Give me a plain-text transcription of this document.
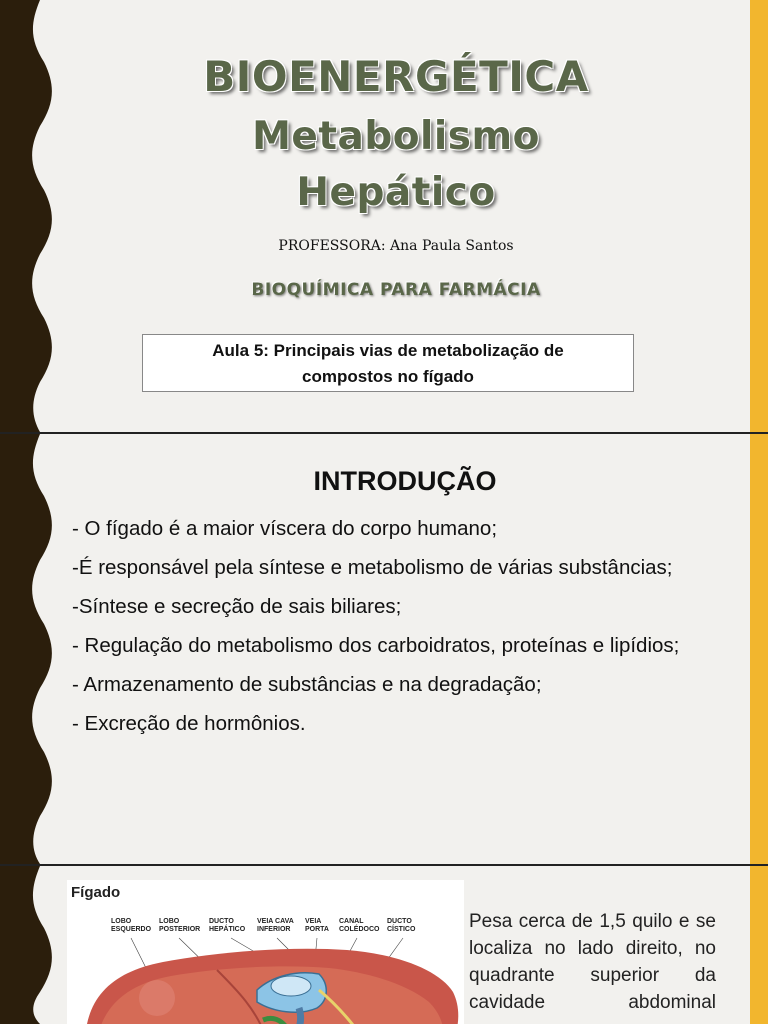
BIOENERGÉTICA
Metabolismo
Hepático
PROFESSORA: Ana Paula Santos
BIOQUÍMICA PARA FARMÁCIA
Aula 5: Principais vias de metabolização de
compostos no fígado
INTRODUÇÃO
- O fígado é a maior víscera do corpo humano;
-É responsável pela síntese e metabolismo de várias substâncias;
-Síntese e secreção de sais biliares;
- Regulação do metabolismo dos carboidratos, proteínas e lipídios;
- Armazenamento de substâncias e na degradação;
- Excreção de hormônios.
Fígado
LOBO ESQUERDO
LOBO POSTERIOR
DUCTO HEPÁTICO
VEIA CAVA INFERIOR
VEIA PORTA
CANAL COLÉDOCO
DUCTO CÍSTICO	Pesa cerca de 1,5 quilo e se localiza no lado direito, no quadrante superior da cavidade abdominal
